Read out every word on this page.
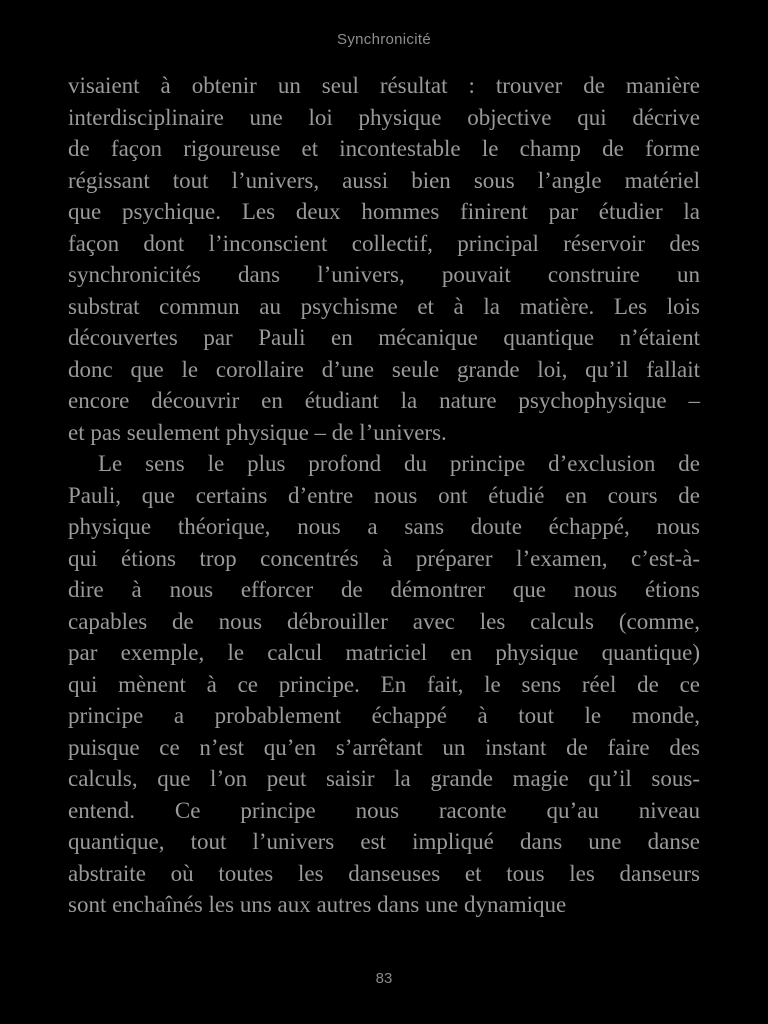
Synchronicité
visaient à obtenir un seul résultat : trouver de manière
interdisciplinaire une loi physique objective qui décrive
de façon rigoureuse et incontestable le champ de forme
régissant tout l’univers, aussi bien sous l’angle matériel
que psychique. Les deux hommes finirent par étudier la
façon dont l’inconscient collectif, principal réservoir des
synchronicités dans l’univers, pouvait construire un
substrat commun au psychisme et à la matière. Les lois
découvertes par Pauli en mécanique quantique n’étaient
donc que le corollaire d’une seule grande loi, qu’il fallait
encore découvrir en étudiant la nature psychophysique –
et pas seulement physique – de l’univers.
Le sens le plus profond du principe d’exclusion de
Pauli, que certains d’entre nous ont étudié en cours de
physique théorique, nous a sans doute échappé, nous
qui étions trop concentrés à préparer l’examen, c’est-à-
dire à nous efforcer de démontrer que nous étions
capables de nous débrouiller avec les calculs (comme,
par exemple, le calcul matriciel en physique quantique)
qui mènent à ce principe. En fait, le sens réel de ce
principe a probablement échappé à tout le monde,
puisque ce n’est qu’en s’arrêtant un instant de faire des
calculs, que l’on peut saisir la grande magie qu’il sous-
entend. Ce principe nous raconte qu’au niveau
quantique, tout l’univers est impliqué dans une danse
abstraite où toutes les danseuses et tous les danseurs
sont enchaînés les uns aux autres dans une dynamique
83
